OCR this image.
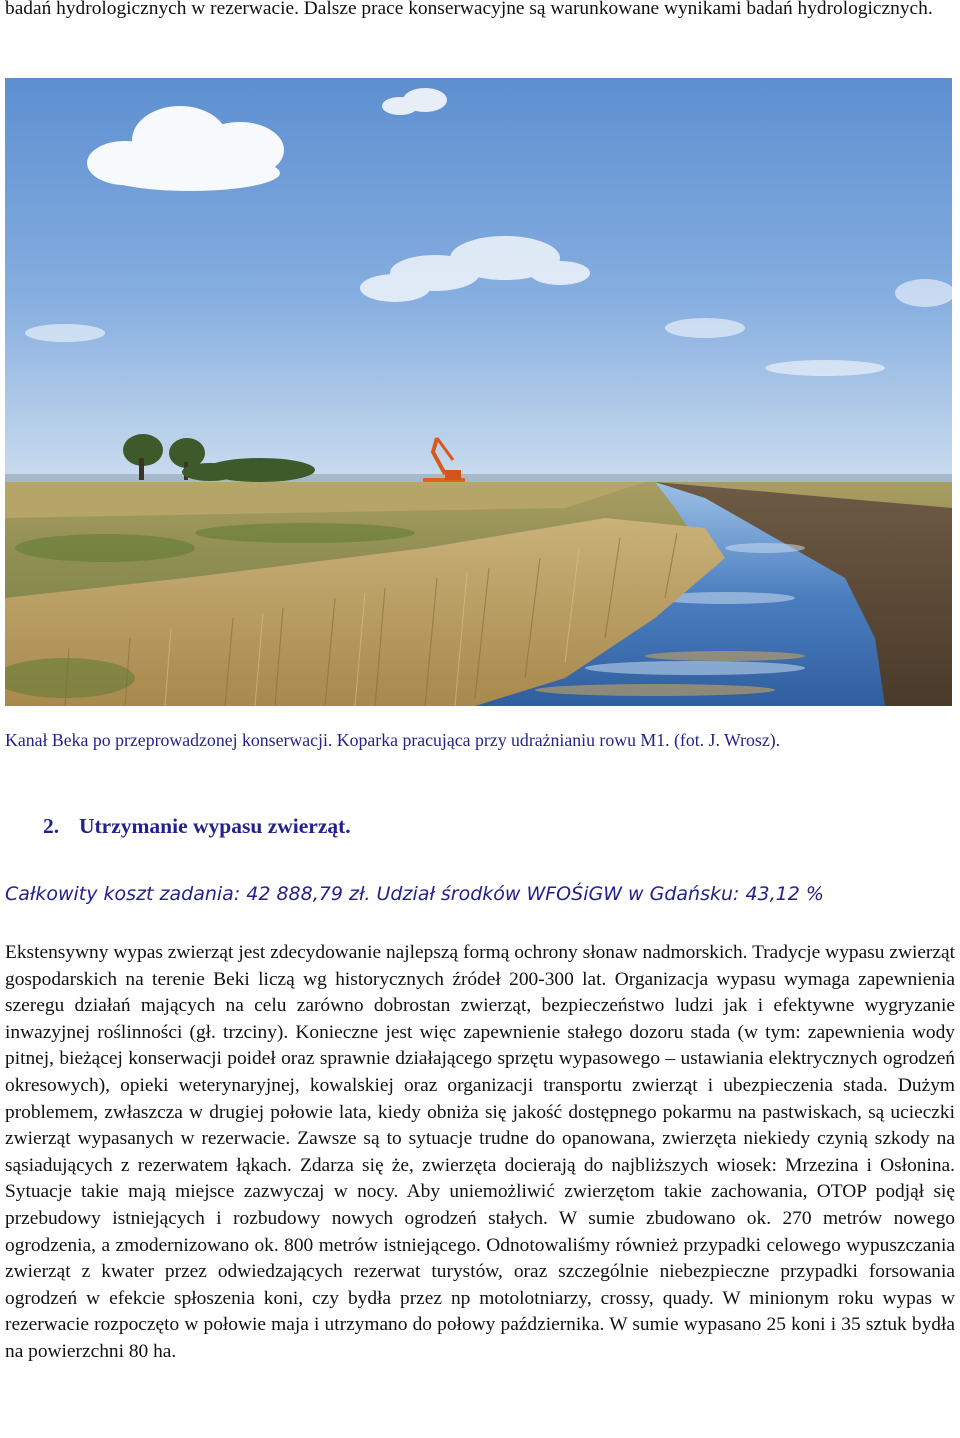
badań hydrologicznych w rezerwacie. Dalsze prace konserwacyjne są warunkowane wynikami badań hydrologicznych.
Kanał Beka po przeprowadzonej konserwacji. Koparka pracująca przy udrażnianiu rowu M1. (fot. J. Wrosz).
2. Utrzymanie wypasu zwierząt.
Całkowity koszt zadania: 42 888,79 zł. Udział środków WFOŚiGW w Gdańsku: 43,12 %

Ekstensywny wypas zwierząt jest zdecydowanie najlepszą formą ochrony słonaw nadmorskich. Tradycje wypasu zwierząt gospodarskich na terenie Beki liczą wg historycznych źródeł 200-300 lat. Organizacja wypasu wymaga zapewnienia szeregu działań mających na celu zarówno dobrostan zwierząt, bezpieczeństwo ludzi jak i efektywne wygryzanie inwazyjnej roślinności (gł. trzciny). Konieczne jest więc zapewnienie stałego dozoru stada (w tym: zapewnienia wody pitnej, bieżącej konserwacji poideł oraz sprawnie działającego sprzętu wypasowego – ustawiania elektrycznych ogrodzeń okresowych), opieki weterynaryjnej, kowalskiej oraz organizacji transportu zwierząt i ubezpieczenia stada. Dużym problemem, zwłaszcza w drugiej połowie lata, kiedy obniża się jakość dostępnego pokarmu na pastwiskach, są ucieczki zwierząt wypasanych w rezerwacie. Zawsze są to sytuacje trudne do opanowana, zwierzęta niekiedy czynią szkody na sąsiadujących z rezerwatem łąkach. Zdarza się że, zwierzęta docierają do najbliższych wiosek: Mrzezina i Osłonina. Sytuacje takie mają miejsce zazwyczaj w nocy. Aby uniemożliwić zwierzętom takie zachowania, OTOP podjął się przebudowy istniejących i rozbudowy nowych ogrodzeń stałych. W sumie zbudowano ok. 270 metrów nowego ogrodzenia, a zmodernizowano ok. 800 metrów istniejącego. Odnotowaliśmy również przypadki celowego wypuszczania zwierząt z kwater przez odwiedzających rezerwat turystów, oraz szczególnie niebezpieczne przypadki forsowania ogrodzeń w efekcie spłoszenia koni, czy bydła przez np motolotniarzy, crossy, quady. W minionym roku wypas w rezerwacie rozpoczęto w połowie maja i utrzymano do połowy października. W sumie wypasano 25 koni i 35 sztuk bydła na powierzchni 80 ha.
